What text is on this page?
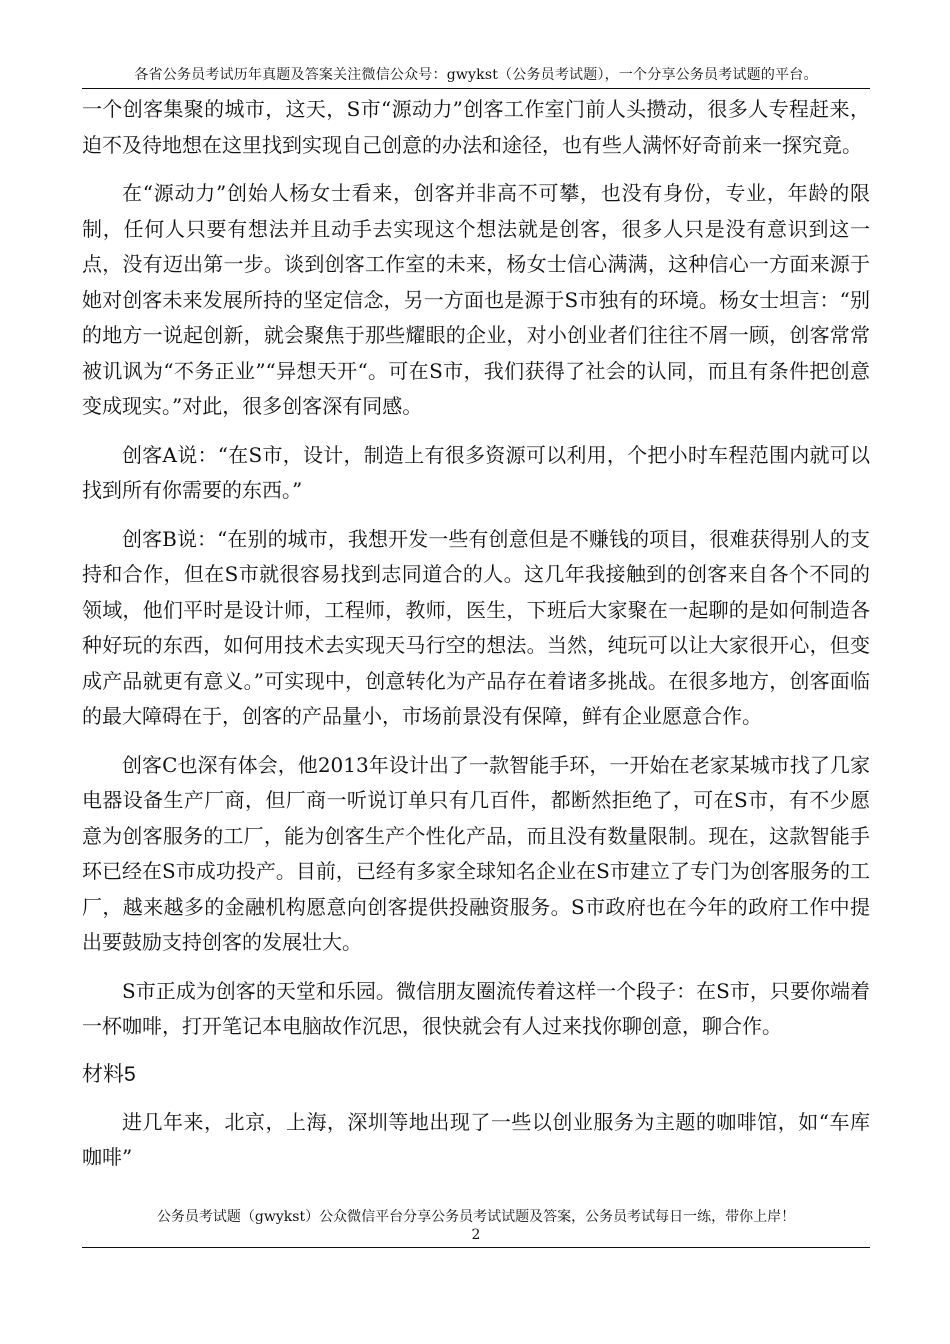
各省公务员考试历年真题及答案关注微信公众号：gwykst（公务员考试题），一个分享公务员考试题的平台。

一个创客集聚的城市，这天，S市“源动力”创客工作室门前人头攒动，很多人专程赶来，迫不及待地想在这里找到实现自己创意的办法和途径，也有些人满怀好奇前来一探究竟。

在“源动力”创始人杨女士看来，创客并非高不可攀，也没有身份，专业，年龄的限制，任何人只要有想法并且动手去实现这个想法就是创客，很多人只是没有意识到这一点，没有迈出第一步。谈到创客工作室的未来，杨女士信心满满，这种信心一方面来源于她对创客未来发展所持的坚定信念，另一方面也是源于S市独有的环境。杨女士坦言：“别的地方一说起创新，就会聚焦于那些耀眼的企业，对小创业者们往往不屑一顾，创客常常被讥讽为“不务正业”“异想天开“。可在S市，我们获得了社会的认同，而且有条件把创意变成现实。”对此，很多创客深有同感。

创客A说：“在S市，设计，制造上有很多资源可以利用，个把小时车程范围内就可以找到所有你需要的东西。”

创客B说：“在别的城市，我想开发一些有创意但是不赚钱的项目，很难获得别人的支持和合作，但在S市就很容易找到志同道合的人。这几年我接触到的创客来自各个不同的领域，他们平时是设计师，工程师，教师，医生，下班后大家聚在一起聊的是如何制造各种好玩的东西，如何用技术去实现天马行空的想法。当然，纯玩可以让大家很开心，但变成产品就更有意义。”可实现中，创意转化为产品存在着诸多挑战。在很多地方，创客面临的最大障碍在于，创客的产品量小，市场前景没有保障，鲜有企业愿意合作。

创客C也深有体会，他2013年设计出了一款智能手环，一开始在老家某城市找了几家电器设备生产厂商，但厂商一听说订单只有几百件，都断然拒绝了，可在S市，有不少愿意为创客服务的工厂，能为创客生产个性化产品，而且没有数量限制。现在，这款智能手环已经在S市成功投产。目前，已经有多家全球知名企业在S市建立了专门为创客服务的工厂，越来越多的金融机构愿意向创客提供投融资服务。S市政府也在今年的政府工作中提出要鼓励支持创客的发展壮大。

S市正成为创客的天堂和乐园。微信朋友圈流传着这样一个段子：在S市，只要你端着一杯咖啡，打开笔记本电脑故作沉思，很快就会有人过来找你聊创意，聊合作。

材料5

进几年来，北京，上海，深圳等地出现了一些以创业服务为主题的咖啡馆，如“车库咖啡”

公务员考试题（gwykst）公众微信平台分享公务员考试试题及答案，公务员考试每日一练，带你上岸！
2
